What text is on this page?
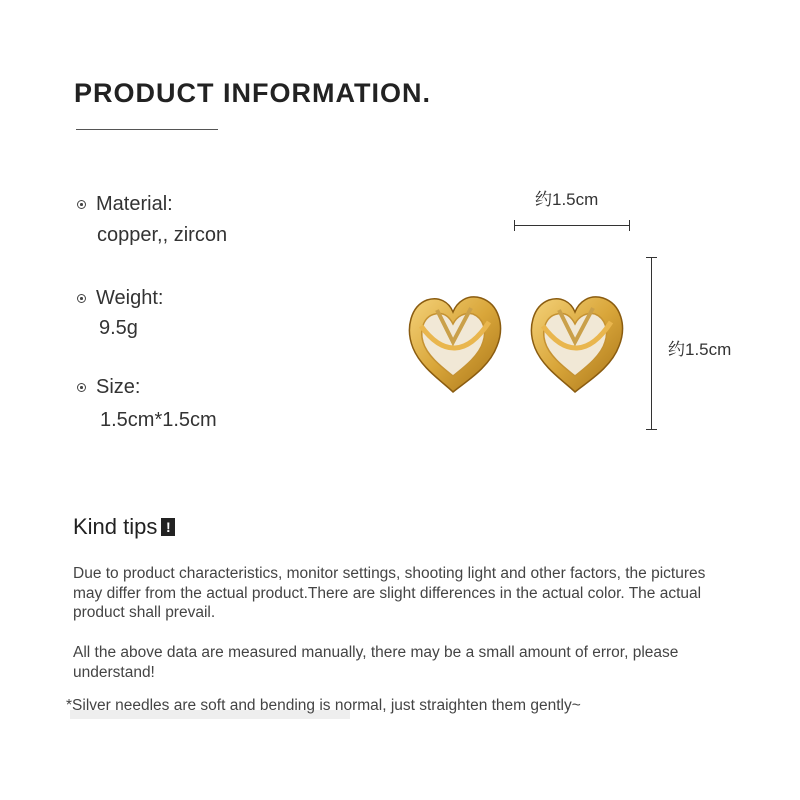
PRODUCT INFORMATION.
Material:
copper,, zircon
Weight:
9.5g
Size:
1.5cm*1.5cm
约1.5cm
约1.5cm
Kind tips !
Due to product characteristics, monitor settings, shooting light and other factors, the pictures may differ from the actual product.There are slight differences in the actual color. The actual product shall prevail.
All the above data are measured manually, there may be a small amount of error, please understand!
*Silver needles are soft and bending is normal, just straighten them gently~
